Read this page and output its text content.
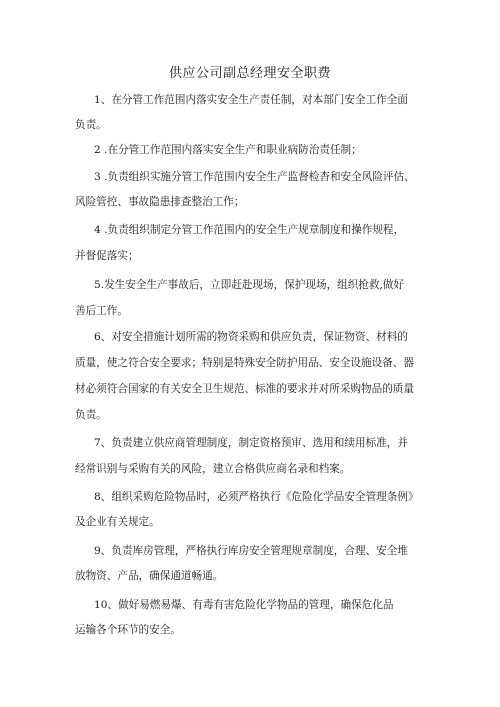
供应公司副总经理安全职费
1、在分管工作范围内落实安全生产责任制，对本部门安全工作全面
负责。
2 .在分管工作范围内落实安全生产和职业病防治责任制；
3 .负责组织实施分管工作范围内安全生产监督检杳和安全风险评估、
风险管控、事故隐患排查整治工作；
4 .负责组织制定分管工作范围内的安全生产规章制度和操作规程，
并督促落实；
5.发生安全生产事故后，立即赶赴现场，保护现场，组织抢救,做好
善后工作。
6、对安全措施计划所需的物资采购和供应负责，保证物资、材料的
质量，使之符合安全要求；特别是特殊安全防护用品、安全设施设备、器
材必须符合国家的有关安全卫生规范、标准的要求并对所采购物品的质量
负责。
7、负责建立供应商管理制度，制定资格预审、选用和续用标准，并
经常识别与采购有关的风险，建立合格供应商名录和档案。
8、组织采购危险物品时，必须严格执行《危险化学品安全管理条例》
及企业有关规定。
9、负责库房管理，严格执行库房安全管理规章制度，合理、安全堆
放物资、产品，确保通道畅通。
10、做好易燃易爆、有毒有害危险化学物品的管理，确保危化品
运输各个环节的安全。
